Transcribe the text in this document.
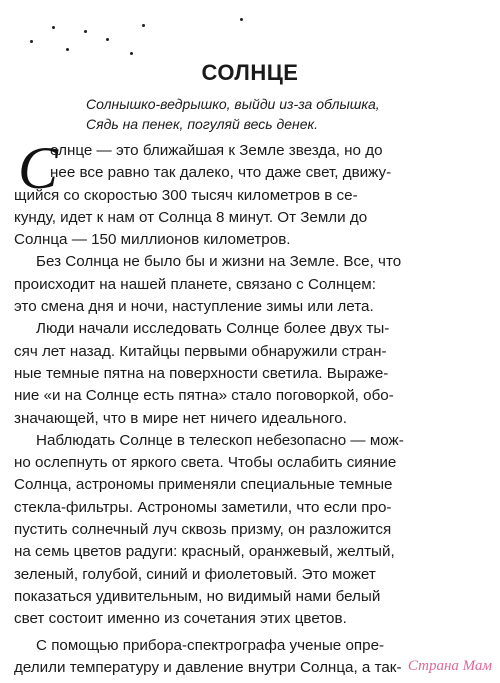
СОЛНЦЕ
Солнышко-ведрышко, выйди из-за облышка,
Сядь на пенек, погуляй весь денек.
С
олнце — это ближайшая к Земле звезда, но до
нее все равно так далеко, что даже свет, движу-
щийся со скоростью 300 тысяч километров в се-
кунду, идет к нам от Солнца 8 минут. От Земли до
Солнца — 150 миллионов километров.
Без Солнца не было бы и жизни на Земле. Все, что
происходит на нашей планете, связано с Солнцем:
это смена дня и ночи, наступление зимы или лета.
Люди начали исследовать Солнце более двух ты-
сяч лет назад. Китайцы первыми обнаружили стран-
ные темные пятна на поверхности светила. Выраже-
ние «и на Солнце есть пятна» стало поговоркой, обо-
значающей, что в мире нет ничего идеального.
Наблюдать Солнце в телескоп небезопасно — мож-
но ослепнуть от яркого света. Чтобы ослабить сияние
Солнца, астрономы применяли специальные темные
стекла-фильтры. Астрономы заметили, что если про-
пустить солнечный луч сквозь призму, он разложится
на семь цветов радуги: красный, оранжевый, желтый,
зеленый, голубой, синий и фиолетовый. Это может
показаться удивительным, но видимый нами белый
свет состоит именно из сочетания этих цветов.
С помощью прибора-спектрографа ученые опре-
делили температуру и давление внутри Солнца, а так- Страна Мам
